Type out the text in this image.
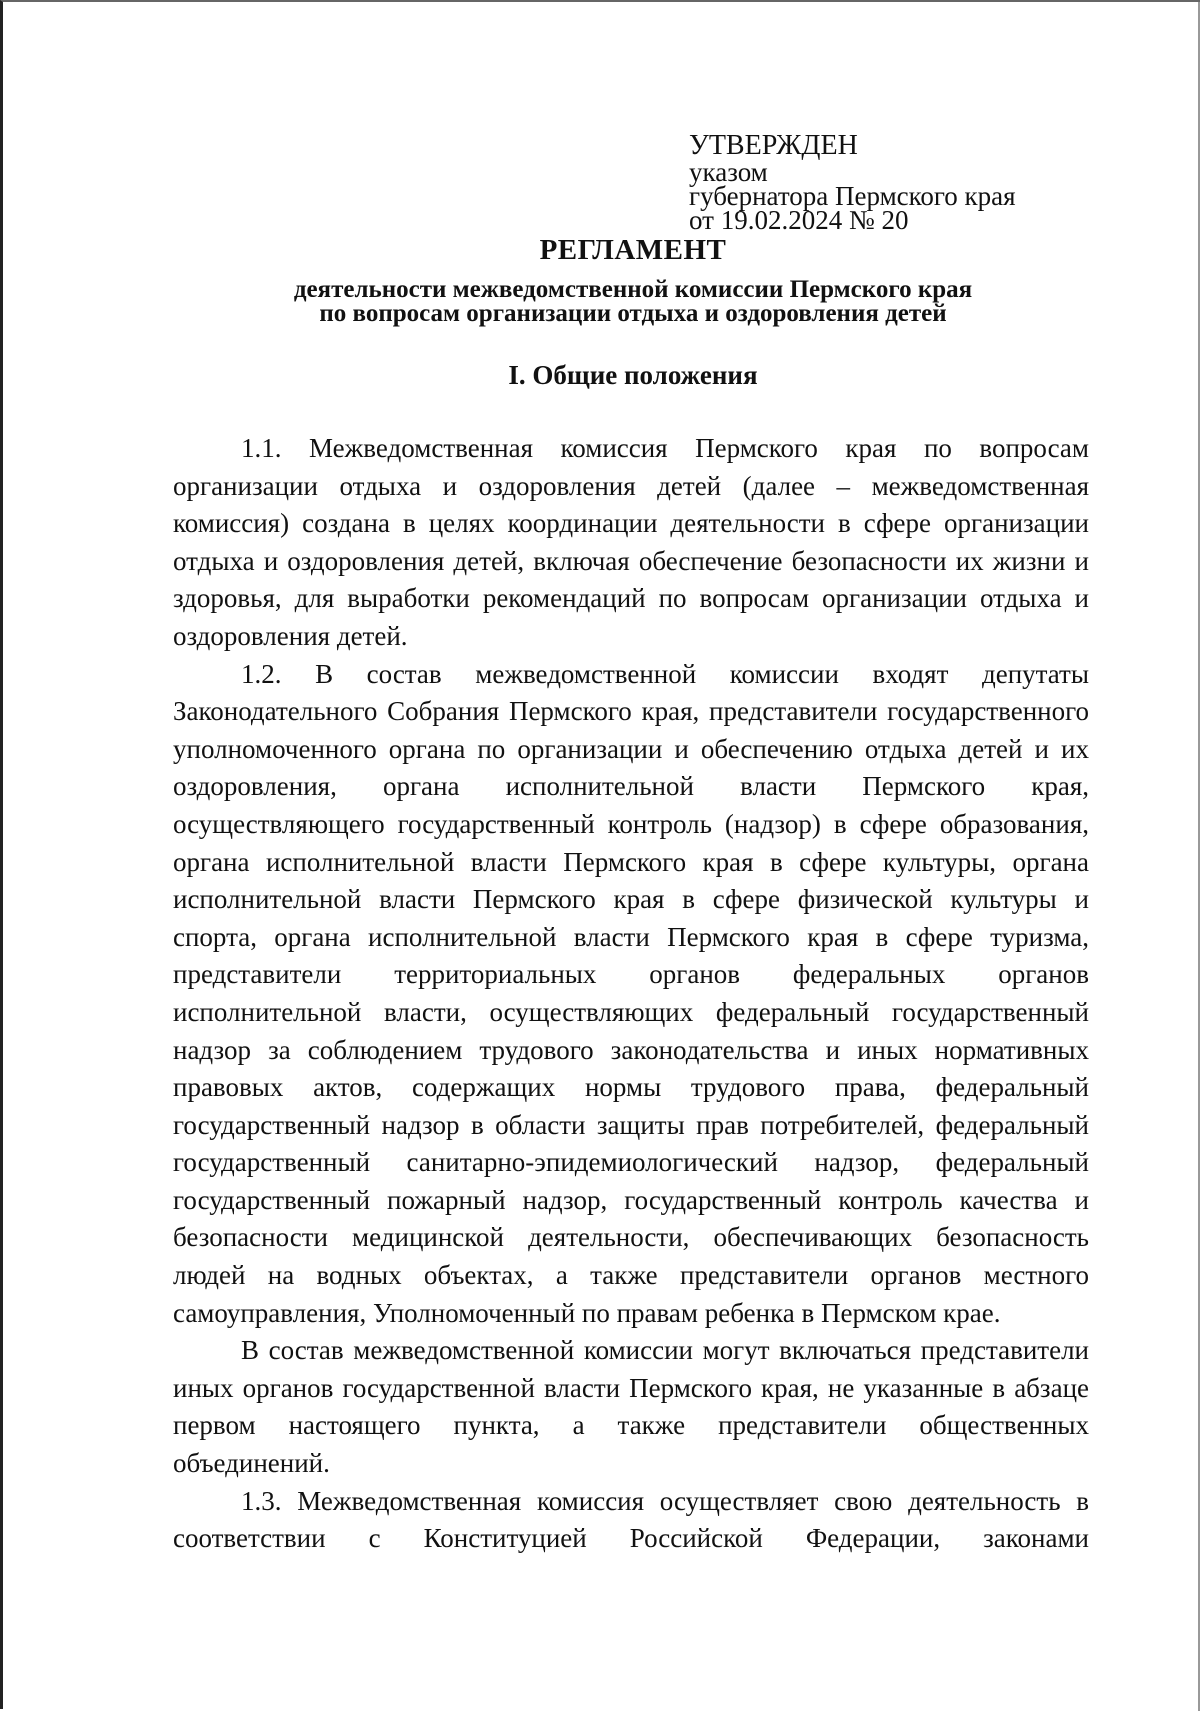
УТВЕРЖДЕН
указом
губернатора Пермского края
от 19.02.2024 № 20
РЕГЛАМЕНТ
деятельности межведомственной комиссии Пермского края
по вопросам организации отдыха и оздоровления детей
I. Общие положения

1.1. Межведомственная комиссия Пермского края по вопросам организации отдыха и оздоровления детей (далее – межведомственная комиссия) создана в целях координации деятельности в сфере организации отдыха и оздоровления детей, включая обеспечение безопасности их жизни и здоровья, для выработки рекомендаций по вопросам организации отдыха и оздоровления детей.

1.2. В состав межведомственной комиссии входят депутаты Законодательного Собрания Пермского края, представители государственного уполномоченного органа по организации и обеспечению отдыха детей и их оздоровления, органа исполнительной власти Пермского края, осуществляющего государственный контроль (надзор) в сфере образования, органа исполнительной власти Пермского края в сфере культуры, органа исполнительной власти Пермского края в сфере физической культуры и спорта, органа исполнительной власти Пермского края в сфере туризма, представители территориальных органов федеральных органов исполнительной власти, осуществляющих федеральный государственный надзор за соблюдением трудового законодательства и иных нормативных правовых актов, содержащих нормы трудового права, федеральный государственный надзор в области защиты прав потребителей, федеральный государственный санитарно-эпидемиологический надзор, федеральный государственный пожарный надзор, государственный контроль качества и безопасности медицинской деятельности, обеспечивающих безопасность людей на водных объектах, а также представители органов местного самоуправления, Уполномоченный по правам ребенка в Пермском крае.

В состав межведомственной комиссии могут включаться представители иных органов государственной власти Пермского края, не указанные в абзаце первом настоящего пункта, а также представители общественных объединений.

1.3. Межведомственная комиссия осуществляет свою деятельность в соответствии с Конституцией Российской Федерации, законами
